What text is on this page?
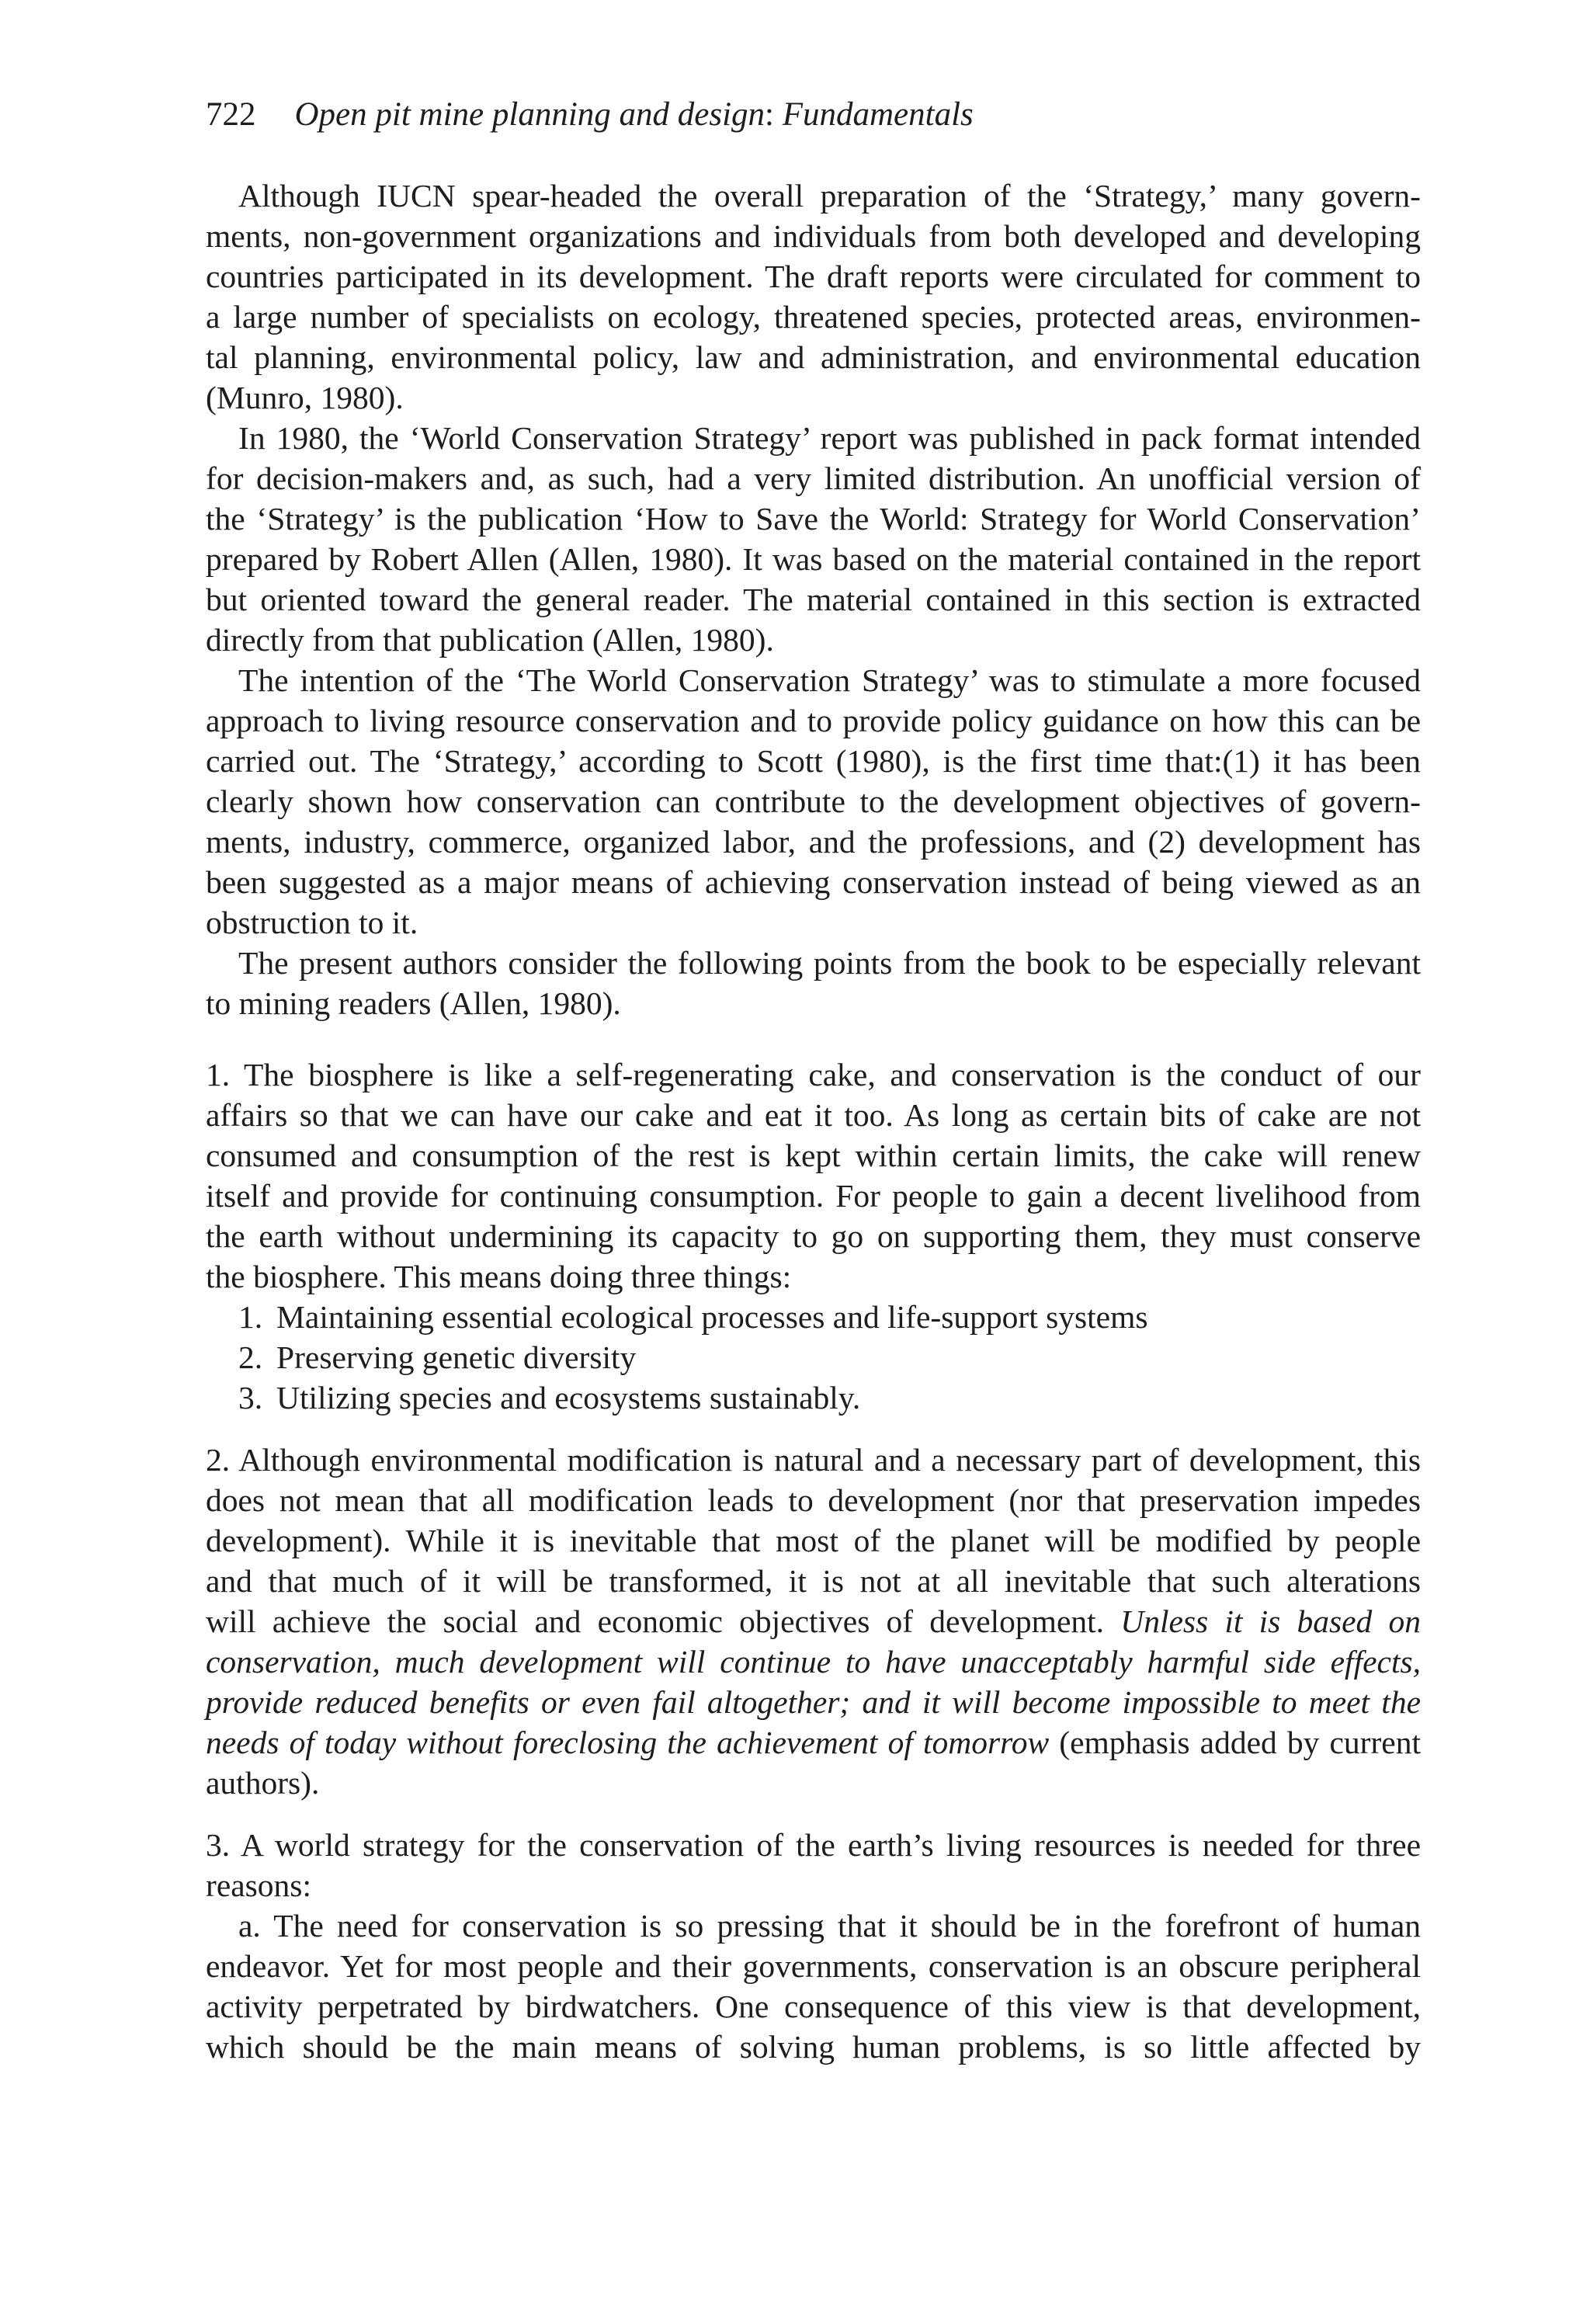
722 Open pit mine planning and design: Fundamentals
Although IUCN spear-headed the overall preparation of the ‘Strategy,’ many govern-
ments, non-government organizations and individuals from both developed and developing
countries participated in its development. The draft reports were circulated for comment to
a large number of specialists on ecology, threatened species, protected areas, environmen-
tal planning, environmental policy, law and administration, and environmental education
(Munro, 1980).
In 1980, the ‘World Conservation Strategy’ report was published in pack format intended
for decision-makers and, as such, had a very limited distribution. An unofficial version of
the ‘Strategy’ is the publication ‘How to Save the World: Strategy for World Conservation’
prepared by Robert Allen (Allen, 1980). It was based on the material contained in the report
but oriented toward the general reader. The material contained in this section is extracted
directly from that publication (Allen, 1980).
The intention of the ‘The World Conservation Strategy’ was to stimulate a more focused
approach to living resource conservation and to provide policy guidance on how this can be
carried out. The ‘Strategy,’ according to Scott (1980), is the first time that:(1) it has been
clearly shown how conservation can contribute to the development objectives of govern-
ments, industry, commerce, organized labor, and the professions, and (2) development has
been suggested as a major means of achieving conservation instead of being viewed as an
obstruction to it.
The present authors consider the following points from the book to be especially relevant
to mining readers (Allen, 1980).
1. The biosphere is like a self-regenerating cake, and conservation is the conduct of our
affairs so that we can have our cake and eat it too. As long as certain bits of cake are not
consumed and consumption of the rest is kept within certain limits, the cake will renew
itself and provide for continuing consumption. For people to gain a decent livelihood from
the earth without undermining its capacity to go on supporting them, they must conserve
the biosphere. This means doing three things:
1. Maintaining essential ecological processes and life-support systems
2. Preserving genetic diversity
3. Utilizing species and ecosystems sustainably.
2. Although environmental modification is natural and a necessary part of development, this
does not mean that all modification leads to development (nor that preservation impedes
development). While it is inevitable that most of the planet will be modified by people
and that much of it will be transformed, it is not at all inevitable that such alterations
will achieve the social and economic objectives of development. Unless it is based on
conservation, much development will continue to have unacceptably harmful side effects,
provide reduced benefits or even fail altogether; and it will become impossible to meet the
needs of today without foreclosing the achievement of tomorrow (emphasis added by current
authors).
3. A world strategy for the conservation of the earth’s living resources is needed for three
reasons:
a. The need for conservation is so pressing that it should be in the forefront of human
endeavor. Yet for most people and their governments, conservation is an obscure peripheral
activity perpetrated by birdwatchers. One consequence of this view is that development,
which should be the main means of solving human problems, is so little affected by
